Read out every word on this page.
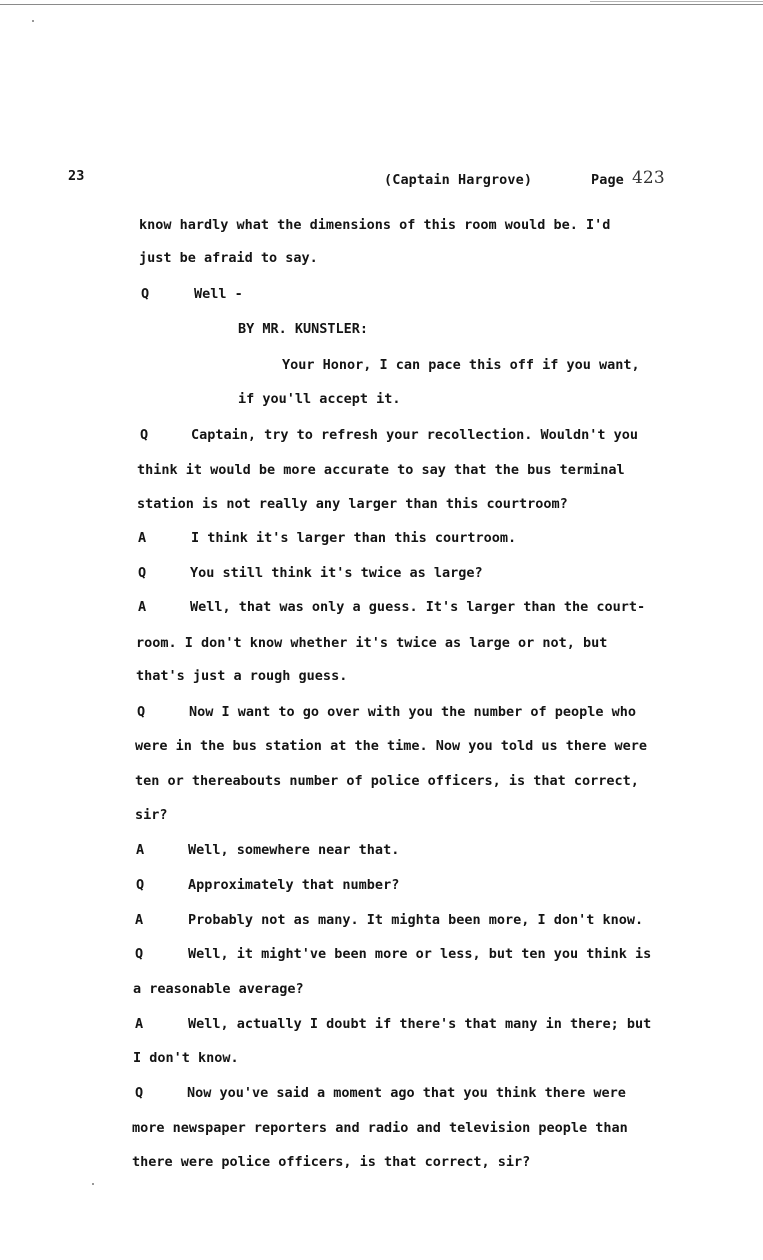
23	(Captain Hargrove)	Page 423
know hardly what the dimensions of this room would be. I'd
just be afraid to say.
Q	Well -
BY MR. KUNSTLER:
Your Honor, I can pace this off if you want,
if you'll accept it.
Q	Captain, try to refresh your recollection. Wouldn't you
think it would be more accurate to say that the bus terminal
station is not really any larger than this courtroom?
A	I think it's larger than this courtroom.
Q	You still think it's twice as large?
A	Well, that was only a guess. It's larger than the court-
room. I don't know whether it's twice as large or not, but
that's just a rough guess.
Q	Now I want to go over with you the number of people who
were in the bus station at the time. Now you told us there were
ten or thereabouts number of police officers, is that correct,
sir?
A	Well, somewhere near that.
Q	Approximately that number?
A	Probably not as many. It mighta been more, I don't know.
Q	Well, it might've been more or less, but ten you think is
a reasonable average?
A	Well, actually I doubt if there's that many in there; but
I don't know.
Q	Now you've said a moment ago that you think there were
more newspaper reporters and radio and television people than
there were police officers, is that correct, sir?
